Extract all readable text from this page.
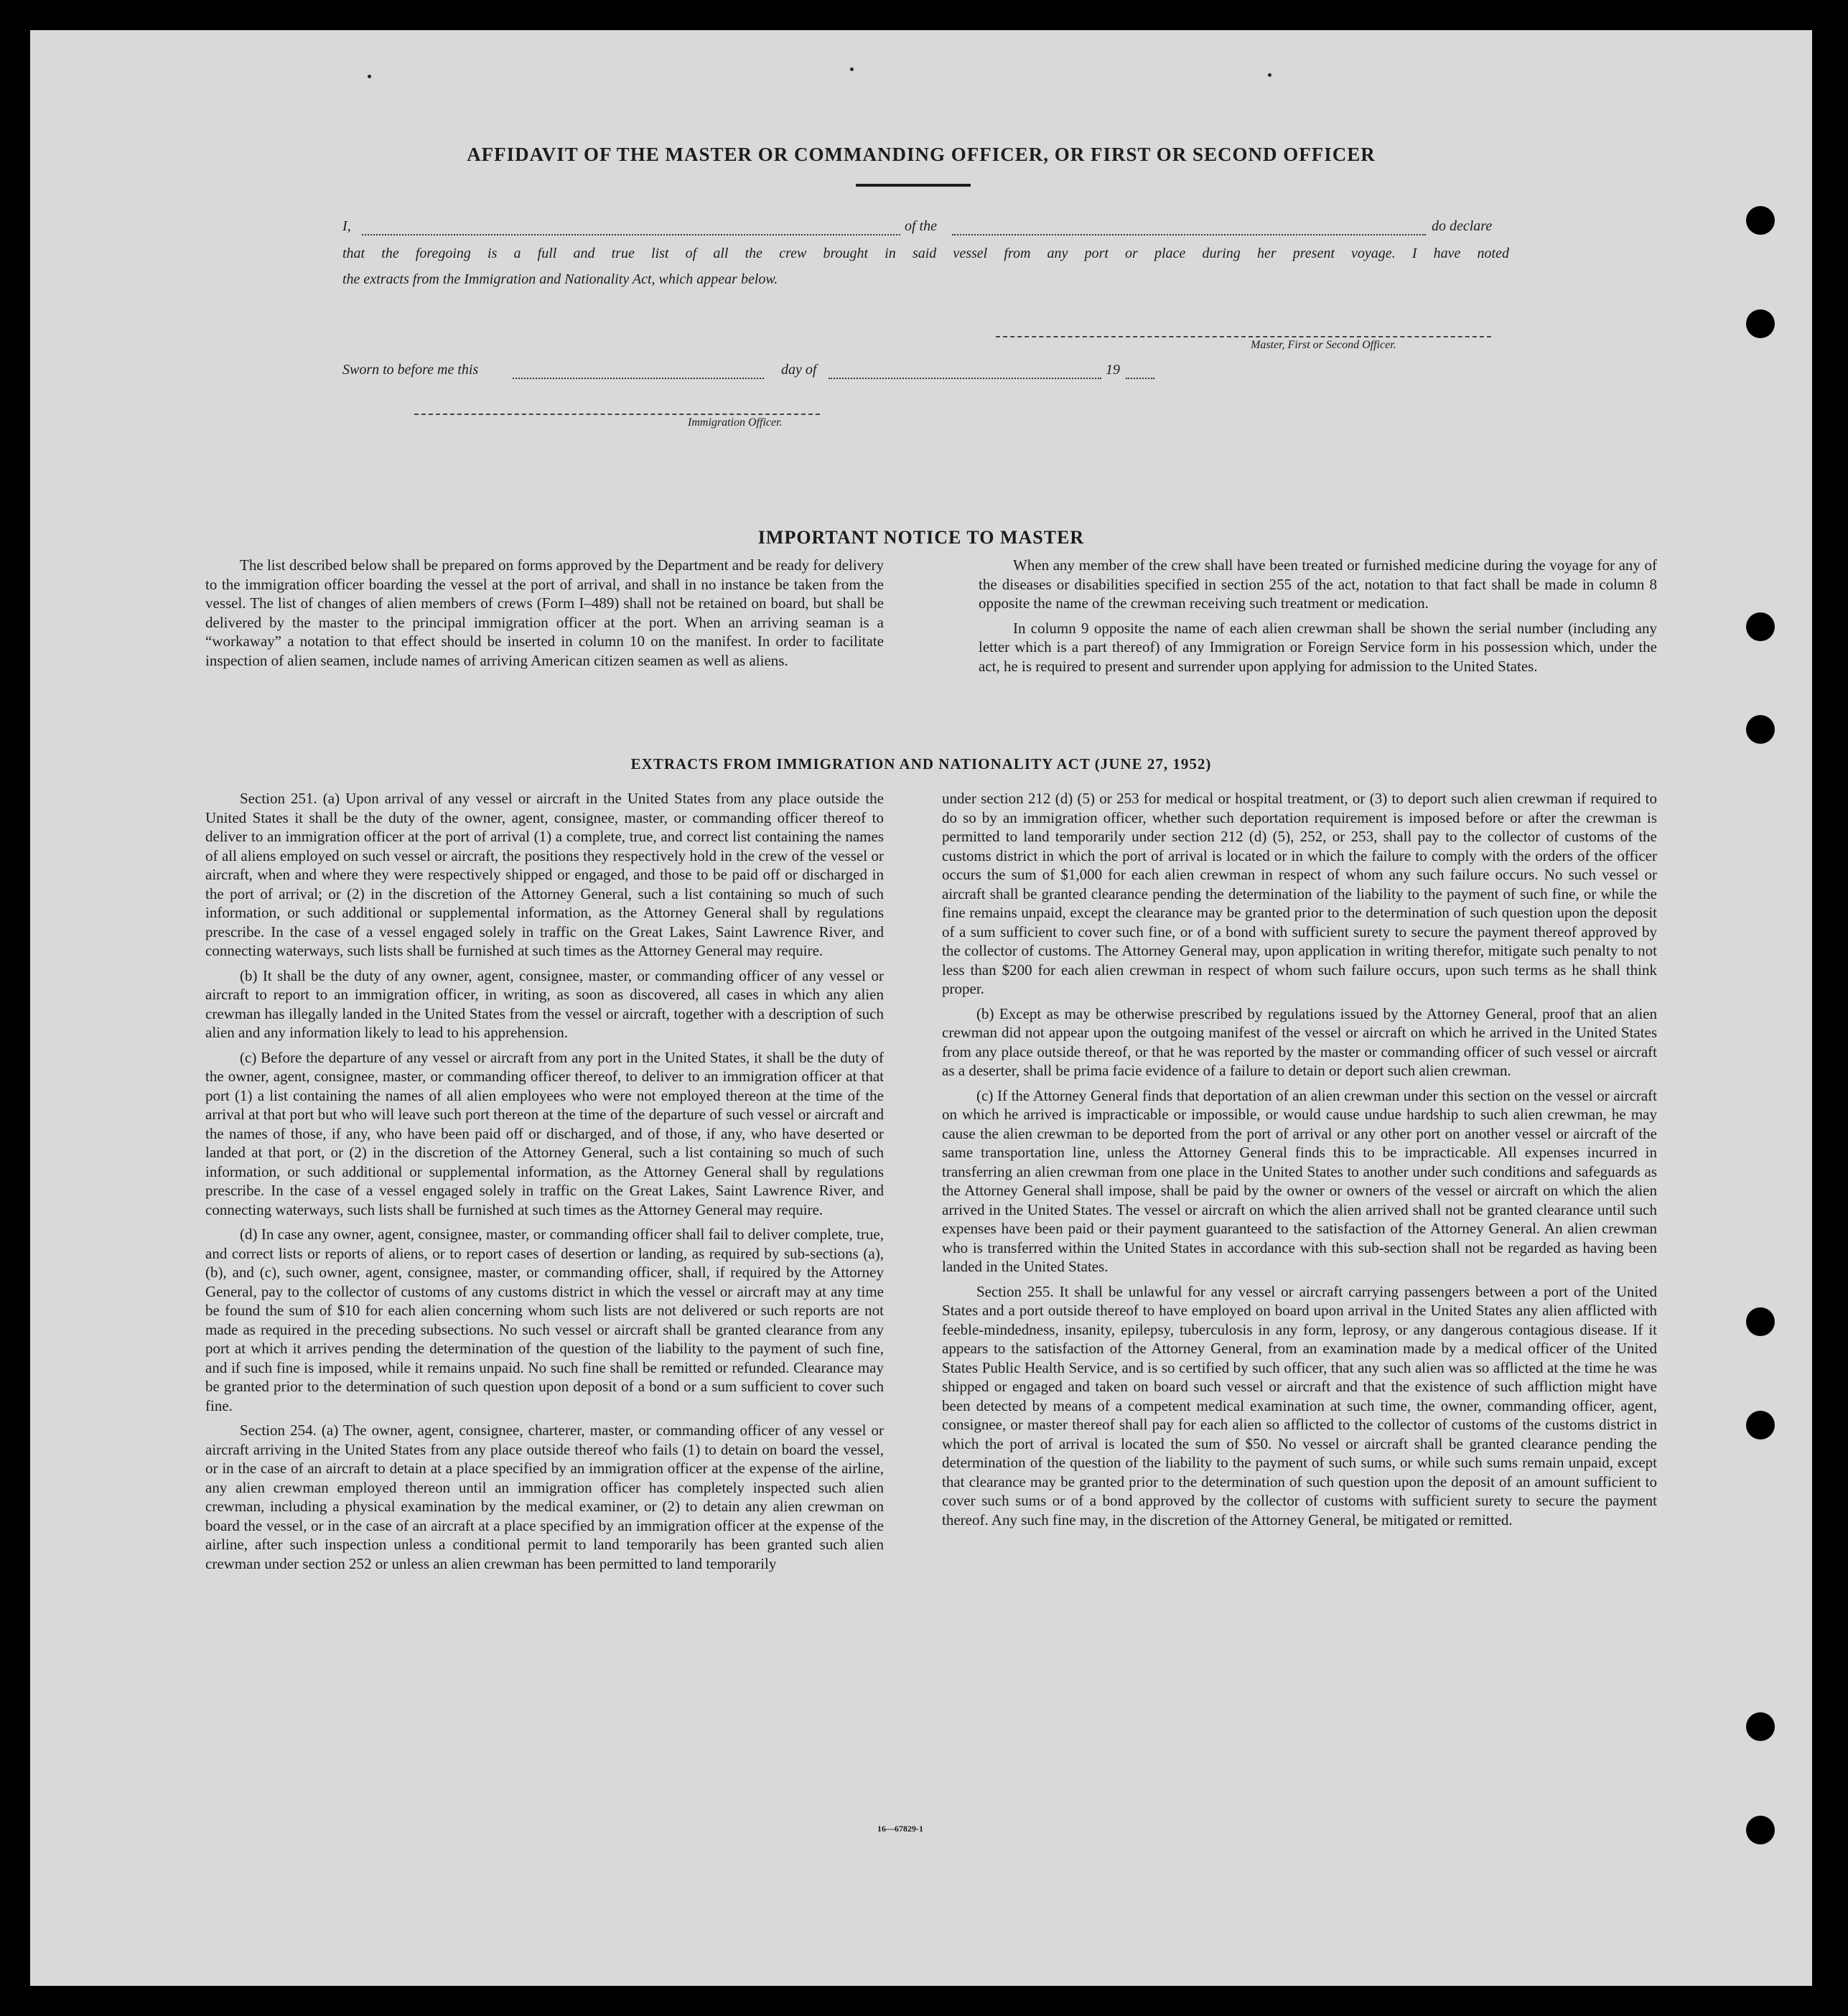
AFFIDAVIT OF THE MASTER OR COMMANDING OFFICER, OR FIRST OR SECOND OFFICER
I,	of the	do declare
that the foregoing is a full and true list of all the crew brought in said vessel from any port or place during her present voyage. I have noted
the extracts from the Immigration and Nationality Act, which appear below.
Master, First or Second Officer.
Sworn to before me this	day of	19
Immigration Officer.
IMPORTANT NOTICE TO MASTER

The list described below shall be prepared on forms approved by the Department and be ready for delivery to the immigration officer boarding the vessel at the port of arrival, and shall in no instance be taken from the vessel. The list of changes of alien members of crews (Form I–489) shall not be retained on board, but shall be delivered by the master to the principal immigration officer at the port. When an arriving seaman is a “workaway” a notation to that effect should be inserted in column 10 on the manifest. In order to facilitate inspection of alien seamen, include names of arriving American citizen seamen as well as aliens.

When any member of the crew shall have been treated or furnished medicine during the voyage for any of the diseases or disabilities specified in section 255 of the act, notation to that fact shall be made in column 8 opposite the name of the crewman receiving such treatment or medication.

In column 9 opposite the name of each alien crewman shall be shown the serial number (including any letter which is a part thereof) of any Immigration or Foreign Service form in his possession which, under the act, he is required to present and surrender upon applying for admission to the United States.

EXTRACTS FROM IMMIGRATION AND NATIONALITY ACT (JUNE 27, 1952)

Section 251. (a) Upon arrival of any vessel or aircraft in the United States from any place outside the United States it shall be the duty of the owner, agent, consignee, master, or commanding officer thereof to deliver to an immigration officer at the port of arrival (1) a complete, true, and correct list containing the names of all aliens employed on such vessel or aircraft, the positions they respectively hold in the crew of the vessel or aircraft, when and where they were respectively shipped or engaged, and those to be paid off or discharged in the port of arrival; or (2) in the discretion of the Attorney General, such a list containing so much of such information, or such additional or supplemental information, as the Attorney General shall by regulations prescribe. In the case of a vessel engaged solely in traffic on the Great Lakes, Saint Lawrence River, and connecting waterways, such lists shall be furnished at such times as the Attorney General may require.

(b) It shall be the duty of any owner, agent, consignee, master, or commanding officer of any vessel or aircraft to report to an immigration officer, in writing, as soon as discovered, all cases in which any alien crewman has illegally landed in the United States from the vessel or aircraft, together with a description of such alien and any information likely to lead to his apprehension.

(c) Before the departure of any vessel or aircraft from any port in the United States, it shall be the duty of the owner, agent, consignee, master, or commanding officer thereof, to deliver to an immigration officer at that port (1) a list containing the names of all alien employees who were not employed thereon at the time of the arrival at that port but who will leave such port thereon at the time of the departure of such vessel or aircraft and the names of those, if any, who have been paid off or discharged, and of those, if any, who have deserted or landed at that port, or (2) in the discretion of the Attorney General, such a list containing so much of such information, or such additional or supplemental information, as the Attorney General shall by regulations prescribe. In the case of a vessel engaged solely in traffic on the Great Lakes, Saint Lawrence River, and connecting waterways, such lists shall be furnished at such times as the Attorney General may require.

(d) In case any owner, agent, consignee, master, or commanding officer shall fail to deliver complete, true, and correct lists or reports of aliens, or to report cases of desertion or landing, as required by sub-sections (a), (b), and (c), such owner, agent, consignee, master, or commanding officer, shall, if required by the Attorney General, pay to the collector of customs of any customs district in which the vessel or aircraft may at any time be found the sum of $10 for each alien concerning whom such lists are not delivered or such reports are not made as required in the preceding subsections. No such vessel or aircraft shall be granted clearance from any port at which it arrives pending the determination of the question of the liability to the payment of such fine, and if such fine is imposed, while it remains unpaid. No such fine shall be remitted or refunded. Clearance may be granted prior to the determination of such question upon deposit of a bond or a sum sufficient to cover such fine.

Section 254. (a) The owner, agent, consignee, charterer, master, or commanding officer of any vessel or aircraft arriving in the United States from any place outside thereof who fails (1) to detain on board the vessel, or in the case of an aircraft to detain at a place specified by an immigration officer at the expense of the airline, any alien crewman employed thereon until an immigration officer has completely inspected such alien crewman, including a physical examination by the medical examiner, or (2) to detain any alien crewman on board the vessel, or in the case of an aircraft at a place specified by an immigration officer at the expense of the airline, after such inspection unless a conditional permit to land temporarily has been granted such alien crewman under section 252 or unless an alien crewman has been permitted to land temporarily

under section 212 (d) (5) or 253 for medical or hospital treatment, or (3) to deport such alien crewman if required to do so by an immigration officer, whether such deportation requirement is imposed before or after the crewman is permitted to land temporarily under section 212 (d) (5), 252, or 253, shall pay to the collector of customs of the customs district in which the port of arrival is located or in which the failure to comply with the orders of the officer occurs the sum of $1,000 for each alien crewman in respect of whom any such failure occurs. No such vessel or aircraft shall be granted clearance pending the determination of the liability to the payment of such fine, or while the fine remains unpaid, except the clearance may be granted prior to the determination of such question upon the deposit of a sum sufficient to cover such fine, or of a bond with sufficient surety to secure the payment thereof approved by the collector of customs. The Attorney General may, upon application in writing therefor, mitigate such penalty to not less than $200 for each alien crewman in respect of whom such failure occurs, upon such terms as he shall think proper.

(b) Except as may be otherwise prescribed by regulations issued by the Attorney General, proof that an alien crewman did not appear upon the outgoing manifest of the vessel or aircraft on which he arrived in the United States from any place outside thereof, or that he was reported by the master or commanding officer of such vessel or aircraft as a deserter, shall be prima facie evidence of a failure to detain or deport such alien crewman.

(c) If the Attorney General finds that deportation of an alien crewman under this section on the vessel or aircraft on which he arrived is impracticable or impossible, or would cause undue hardship to such alien crewman, he may cause the alien crewman to be deported from the port of arrival or any other port on another vessel or aircraft of the same transportation line, unless the Attorney General finds this to be impracticable. All expenses incurred in transferring an alien crewman from one place in the United States to another under such conditions and safeguards as the Attorney General shall impose, shall be paid by the owner or owners of the vessel or aircraft on which the alien arrived in the United States. The vessel or aircraft on which the alien arrived shall not be granted clearance until such expenses have been paid or their payment guaranteed to the satisfaction of the Attorney General. An alien crewman who is transferred within the United States in accordance with this sub-section shall not be regarded as having been landed in the United States.

Section 255. It shall be unlawful for any vessel or aircraft carrying passengers between a port of the United States and a port outside thereof to have employed on board upon arrival in the United States any alien afflicted with feeble-mindedness, insanity, epilepsy, tuberculosis in any form, leprosy, or any dangerous contagious disease. If it appears to the satisfaction of the Attorney General, from an examination made by a medical officer of the United States Public Health Service, and is so certified by such officer, that any such alien was so afflicted at the time he was shipped or engaged and taken on board such vessel or aircraft and that the existence of such affliction might have been detected by means of a competent medical examination at such time, the owner, commanding officer, agent, consignee, or master thereof shall pay for each alien so afflicted to the collector of customs of the customs district in which the port of arrival is located the sum of $50. No vessel or aircraft shall be granted clearance pending the determination of the question of the liability to the payment of such sums, or while such sums remain unpaid, except that clearance may be granted prior to the determination of such question upon the deposit of an amount sufficient to cover such sums or of a bond approved by the collector of customs with sufficient surety to secure the payment thereof. Any such fine may, in the discretion of the Attorney General, be mitigated or remitted.

16—67829-1
